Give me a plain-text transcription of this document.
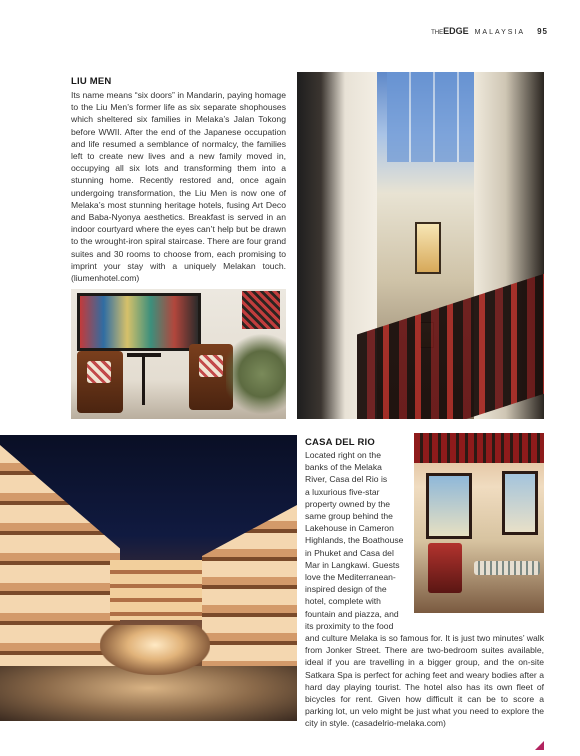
THEEDGE MALAYSIA 95
LIU MEN

Its name means “six doors” in Mandarin, paying homage to the Liu Men’s former life as six separate shophouses which sheltered six families in Melaka’s Jalan Tokong before WWII. After the end of the Japanese occupation and life resumed a semblance of normalcy, the families left to create new lives and a new family moved in, occupying all six lots and transforming them into a stunning home. Recently restored and, once again undergoing transformation, the Liu Men is now one of Melaka’s most stunning heritage hotels, fusing Art Deco and Baba-Nyonya aesthetics. Breakfast is served in an indoor courtyard where the eyes can’t help but be drawn to the wrought-iron spiral staircase. There are four grand suites and 30 rooms to choose from, each promising to imprint your stay with a uniquely Melakan touch. (liumenhotel.com)

CASA DEL RIO
Located right on the
banks of the Melaka
River, Casa del Rio is
a luxurious five-star
property owned by the
same group behind the
Lakehouse in Cameron
Highlands, the Boathouse
in Phuket and Casa del
Mar in Langkawi. Guests
love the Mediterranean-
inspired design of the
hotel, complete with
fountain and piazza, and
its proximity to the food

and culture Melaka is so famous for. It is just two minutes’ walk from Jonker Street. There are two-bedroom suites available, ideal if you are travelling in a bigger group, and the on-site Satkara Spa is perfect for aching feet and weary bodies after a hard day playing tourist. The hotel also has its own fleet of bicycles for rent. Given how difficult it can be to score a parking lot, un velo might be just what you need to explore the city in style. (casadelrio-melaka.com)
